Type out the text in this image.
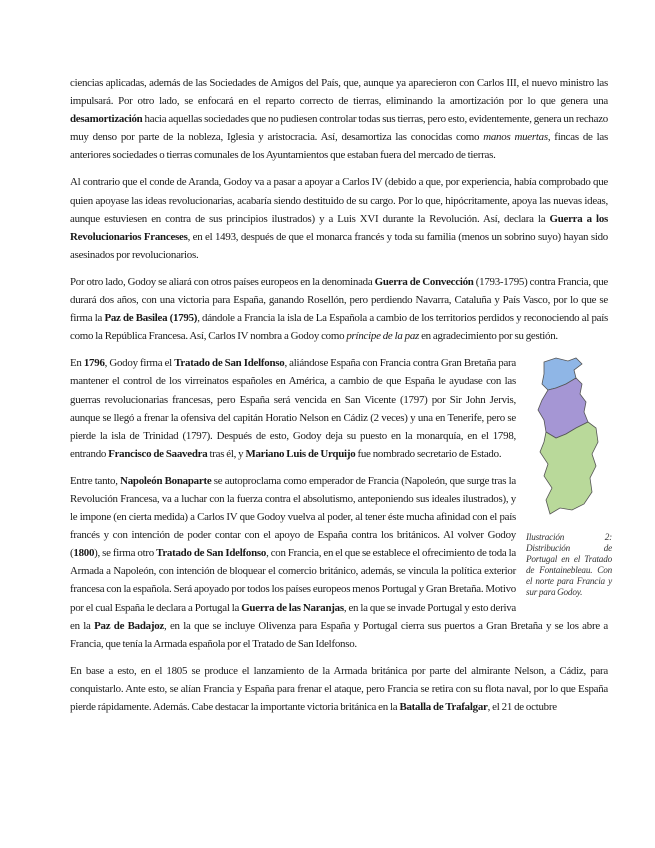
ciencias aplicadas, además de las Sociedades de Amigos del País, que, aunque ya aparecieron con Carlos III, el nuevo ministro las impulsará. Por otro lado, se enfocará en el reparto correcto de tierras, eliminando la amortización por lo que genera una desamortización hacia aquellas sociedades que no pudiesen controlar todas sus tierras, pero esto, evidentemente, genera un rechazo muy denso por parte de la nobleza, Iglesia y aristocracia. Así, desamortiza las conocidas como manos muertas, fincas de las anteriores sociedades o tierras comunales de los Ayuntamientos que estaban fuera del mercado de tierras.

Al contrario que el conde de Aranda, Godoy va a pasar a apoyar a Carlos IV (debido a que, por experiencia, había comprobado que quien apoyase las ideas revolucionarias, acabaría siendo destituido de su cargo. Por lo que, hipócritamente, apoya las nuevas ideas, aunque estuviesen en contra de sus principios ilustrados) y a Luis XVI durante la Revolución. Así, declara la Guerra a los Revolucionarios Franceses, en el 1493, después de que el monarca francés y toda su familia (menos un sobrino suyo) hayan sido asesinados por revolucionarios.

Por otro lado, Godoy se aliará con otros países europeos en la denominada Guerra de Convección (1793-1795) contra Francia, que durará dos años, con una victoria para España, ganando Rosellón, pero perdiendo Navarra, Cataluña y País Vasco, por lo que se firma la Paz de Basilea (1795), dándole a Francia la isla de La Española a cambio de los territorios perdidos y reconociendo al país como la República Francesa. Así, Carlos IV nombra a Godoy como príncipe de la paz en agradecimiento por su gestión.

En 1796, Godoy firma el Tratado de San Idelfonso
Ilustración 2: Distribución de Portugal en el Tratado de Fontainebleau. Con el norte para Francia y sur para Godoy.
, aliándose España con Francia contra Gran Bretaña para mantener el control de los virreinatos españoles en América, a cambio de que España le ayudase con las guerras revolucionarias francesas, pero España será vencida en San Vicente (1797) por Sir John Jervis, aunque se llegó a frenar la ofensiva del capitán Horatio Nelson en Cádiz (2 veces) y una en Tenerife, pero se pierde la isla de Trinidad (1797). Después de esto, Godoy deja su puesto en la monarquía, en el 1798, entrando Francisco de Saavedra tras él, y Mariano Luis de Urquijo fue nombrado secretario de Estado.

Entre tanto, Napoleón Bonaparte se autoproclama como emperador de Francia (Napoleón, que surge tras la Revolución Francesa, va a luchar con la fuerza contra el absolutismo, anteponiendo sus ideales ilustrados), y le impone (en cierta medida) a Carlos IV que Godoy vuelva al poder, al tener éste mucha afinidad con el país francés y con intención de poder contar con el apoyo de España contra los británicos. Al volver Godoy (1800), se firma otro Tratado de San Idelfonso, con Francia, en el que se establece el ofrecimiento de toda la Armada a Napoleón, con intención de bloquear el comercio británico, además, se vincula la política exterior francesa con la española. Será apoyado por todos los países europeos menos Portugal y Gran Bretaña. Motivo por el cual España le declara a Portugal la Guerra de las Naranjas, en la que se invade Portugal y esto deriva en la Paz de Badajoz, en la que se incluye Olivenza para España y Portugal cierra sus puertos a Gran Bretaña y se los abre a Francia, que tenía la Armada española por el Tratado de San Idelfonso.

En base a esto, en el 1805 se produce el lanzamiento de la Armada británica por parte del almirante Nelson, a Cádiz, para conquistarlo. Ante esto, se alían Francia y España para frenar el ataque, pero Francia se retira con su flota naval, por lo que España pierde rápidamente. Además. Cabe destacar la importante victoria británica en la Batalla de Trafalgar, el 21 de octubre
